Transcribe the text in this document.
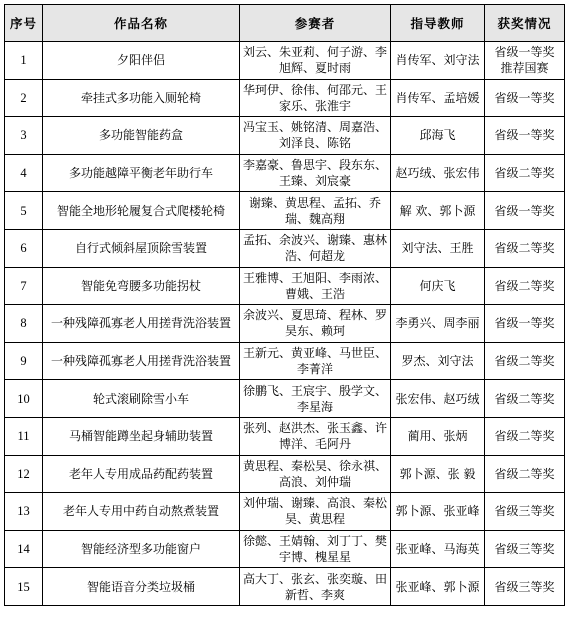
序号	作品名称	参赛者	指导教师	获奖情况
1	夕阳伴侣	刘云、朱亚莉、何子游、李旭辉、夏时雨	肖传军、刘守法	省级一等奖
推荐国赛
2	牵挂式多功能入厕轮椅	华珂伊、徐伟、何邵元、王家乐、张淮宇	肖传军、孟培媛	省级一等奖
3	多功能智能药盒	冯宝玉、姚铭清、周嘉浩、刘泽良、陈铭	邱海飞	省级一等奖
4	多功能越障平衡老年助行车	李嘉豪、鲁思宇、段东东、王臻、刘宸豪	赵巧绒、张宏伟	省级二等奖
5	智能全地形轮履复合式爬楼轮椅	谢臻、黄思程、孟拓、乔瑞、魏高翔	解 欢、郭卜源	省级一等奖
6	自行式倾斜屋顶除雪装置	孟拓、余波兴、谢臻、惠林浩、何超龙	刘守法、王胜	省级二等奖
7	智能免弯腰多功能拐杖	王雅博、王旭阳、李雨浓、曹娥、王浩	何庆飞	省级二等奖
8	一种残障孤寡老人用搓背洗浴装置	余波兴、夏思琦、程林、罗昊东、赖珂	李勇兴、周李丽	省级一等奖
9	一种残障孤寡老人用搓背洗浴装置	王新元、黄亚峰、马世臣、李菁洋	罗杰、刘守法	省级二等奖
10	轮式滚刷除雪小车	徐鹏飞、王宸宇、殷学文、李星海	张宏伟、赵巧绒	省级二等奖
11	马桶智能蹲坐起身辅助装置	张列、赵洪杰、张玉鑫、许博洋、毛阿丹	蔺用、张炳	省级二等奖
12	老年人专用成品药配药装置	黄思程、秦松昊、徐永祺、高浪、刘仲瑞	郭卜源、张 毅	省级二等奖
13	老年人专用中药自动熬煮装置	刘仲瑞、谢臻、高浪、秦松昊、黄思程	郭卜源、张亚峰	省级三等奖
14	智能经济型多功能窗户	徐懿、王婧翰、刘丁丁、樊宇博、槐星星	张亚峰、马海英	省级三等奖
15	智能语音分类垃圾桶	高大丁、张玄、张奕璇、田新哲、李爽	张亚峰、郭卜源	省级三等奖
